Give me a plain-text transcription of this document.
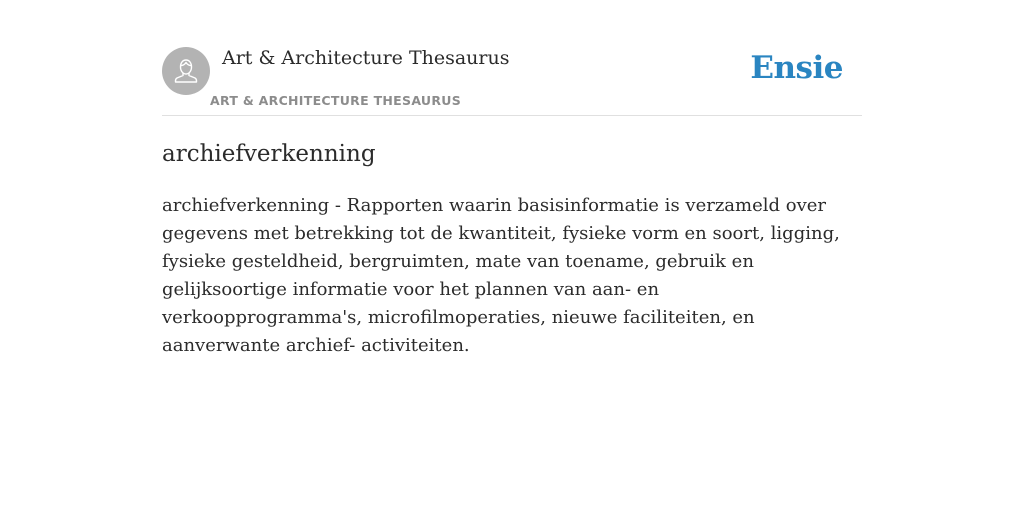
Art & Architecture Thesaurus
ART & ARCHITECTURE THESAURUS
Ensie
archiefverkenning

archiefverkenning - Rapporten waarin basisinformatie is verzameld over gegevens met betrekking tot de kwantiteit, fysieke vorm en soort, ligging, fysieke gesteldheid, bergruimten, mate van toename, gebruik en gelijksoortige informatie voor het plannen van aan- en verkoopprogramma's, microfilmoperaties, nieuwe faciliteiten, en aanverwante archief- activiteiten.
